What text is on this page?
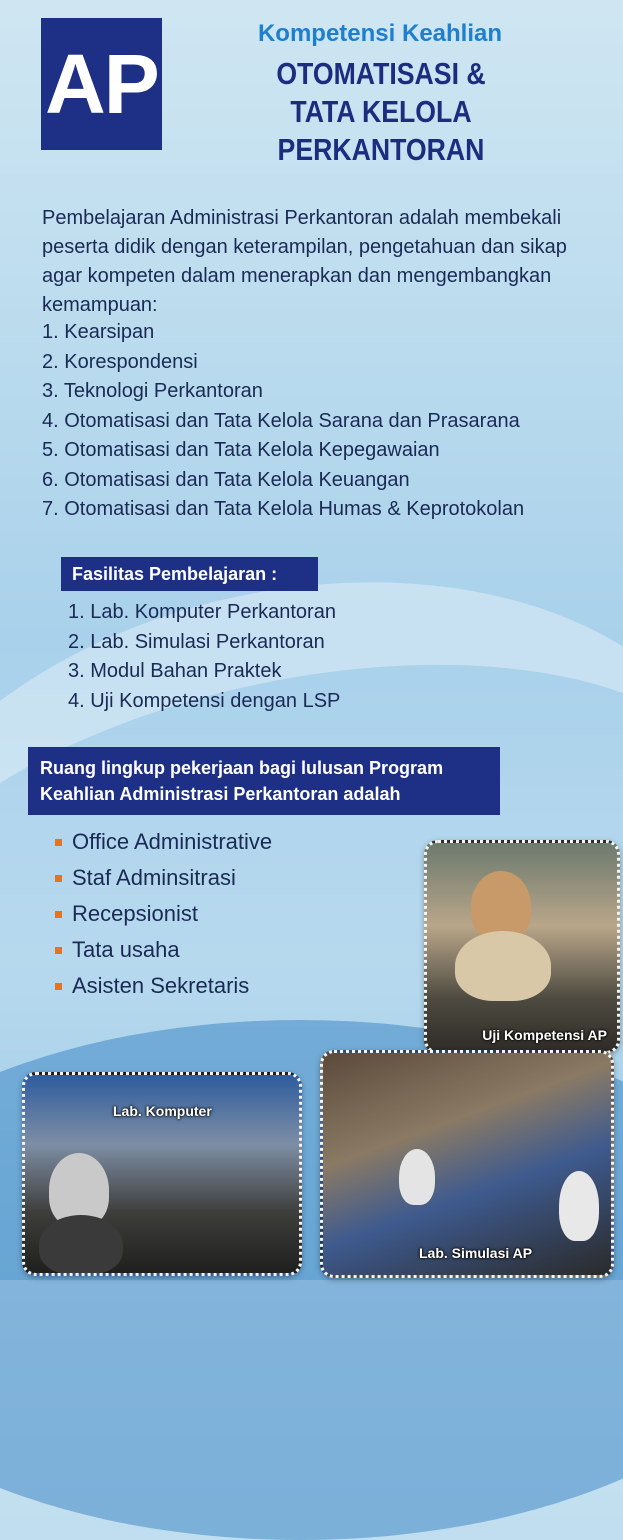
AP
Kompetensi Keahlian
OTOMATISASI &
TATA KELOLA PERKANTORAN
Pembelajaran Administrasi Perkantoran adalah membekali peserta didik dengan keterampilan, pengetahuan dan sikap agar kompeten dalam menerapkan dan mengembangkan kemampuan:
1. Kearsipan
2. Korespondensi
3. Teknologi Perkantoran
4. Otomatisasi dan Tata Kelola Sarana dan Prasarana
5. Otomatisasi dan Tata Kelola Kepegawaian
6. Otomatisasi dan Tata Kelola Keuangan
7. Otomatisasi dan Tata Kelola Humas & Keprotokolan
Fasilitas Pembelajaran :
1. Lab. Komputer Perkantoran
2. Lab. Simulasi Perkantoran
3. Modul Bahan Praktek
4. Uji Kompetensi dengan LSP
Ruang lingkup pekerjaan bagi lulusan Program
Keahlian Administrasi Perkantoran adalah
Office Administrative
Staf Adminsitrasi
Recepsionist
Tata usaha
Asisten Sekretaris
Uji Kompetensi AP
Lab. Komputer
Lab. Simulasi AP
